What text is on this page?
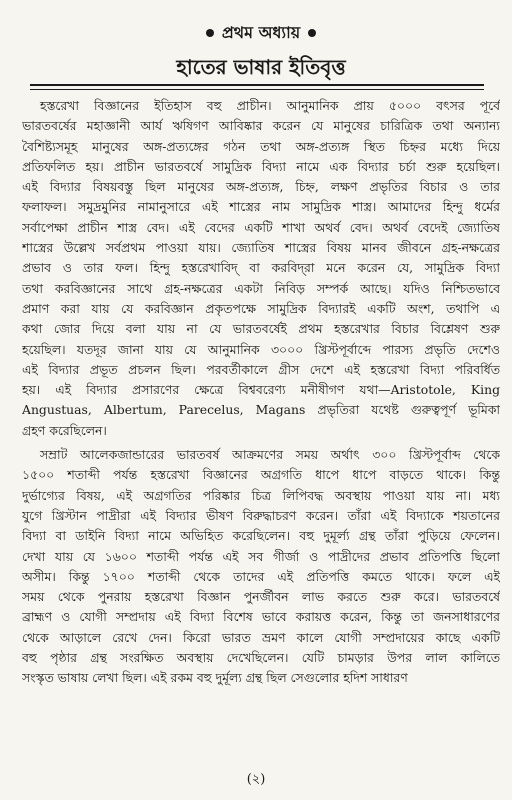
প্রথম অধ্যায়
হাতের ভাষার ইতিবৃত্ত
হস্তরেখা বিজ্ঞানের ইতিহাস বহু প্রাচীন। আনুমানিক প্রায় ৫০০০ বৎসর পূর্বে
ভারতবর্ষের মহাজ্ঞানী আর্য ঋষিগণ আবিষ্কার করেন যে মানুষের চারিত্রিক তথা অন্যান্য
বৈশিষ্ট্যসমূহ মানুষের অঙ্গ-প্রত্যঙ্গের গঠন তথা অঙ্গ-প্রত্যঙ্গ স্থিত চিহ্নর মধ্যে দিয়ে
প্রতিফলিত হয়। প্রাচীন ভারতবর্ষে সামুদ্রিক বিদ্যা নামে এক বিদ্যার চর্চা শুরু হয়েছিল।
এই বিদ্যার বিষয়বস্তু ছিল মানুষের অঙ্গ-প্রত্যঙ্গ, চিহ্ন, লক্ষণ প্রভৃতির বিচার ও তার
ফলাফল। সমুদ্রমুনির নামানুসারে এই শাস্ত্রের নাম সামুদ্রিক শাস্ত্র। আমাদের হিন্দু ধর্মের
সর্বাপেক্ষা প্রাচীন শাস্ত্র বেদ। এই বেদের একটি শাখা অথর্ব বেদ। অথর্ব বেদেই জ্যোতিষ
শাস্ত্রের উল্লেখ সর্বপ্রথম পাওয়া যায়। জ্যোতিষ শাস্ত্রের বিষয় মানব জীবনে গ্রহ-নক্ষত্রের
প্রভাব ও তার ফল। হিন্দু হস্তরেখাবিদ্‌ বা করবিদ্‌রা মনে করেন যে, সামুদ্রিক বিদ্যা
তথা করবিজ্ঞানের সাথে গ্রহ-নক্ষত্রের একটা নিবিড় সম্পর্ক আছে। যদিও নিশ্চিতভাবে
প্রমাণ করা যায় যে করবিজ্ঞান প্রকৃতপক্ষে সামুদ্রিক বিদ্যারই একটি অংশ, তথাপি এ
কথা জোর দিয়ে বলা যায় না যে ভারতবর্ষেই প্রথম হস্তরেখার বিচার বিশ্লেষণ শুরু
হয়েছিল। যতদূর জানা যায় যে আনুমানিক ৩০০০ খ্রিস্টপূর্বাব্দে পারস্য প্রভৃতি দেশেও
এই বিদ্যার প্রভূত প্রচলন ছিল। পরবর্তীকালে গ্রীস দেশে এই হস্তরেখা বিদ্যা পরিবর্ধিত
হয়। এই বিদ্যার প্রসারণের ক্ষেত্রে বিশ্ববরেণ্য মনীষীগণ যথা—Aristotole, King
Angustuas, Albertum, Parecelus, Magans প্রভৃতিরা যথেষ্ট গুরুত্বপূর্ণ ভূমিকা
গ্রহণ করেছিলেন।
সম্রাট আলেকজান্ডারের ভারতবর্ষ আক্রমণের সময় অর্থাৎ ৩০০ খ্রিস্টপূর্বাব্দ থেকে
১৫০০ শতাব্দী পর্যন্ত হস্তরেখা বিজ্ঞানের অগ্রগতি ধাপে ধাপে বাড়তে থাকে। কিন্তু
দুর্ভাগ্যের বিষয়, এই অগ্রগতির পরিষ্কার চিত্র লিপিবদ্ধ অবস্থায় পাওয়া যায় না। মধ্য
যুগে খ্রিস্টান পাদ্রীরা এই বিদ্যার ভীষণ বিরুদ্ধাচরণ করেন। তাঁরা এই বিদ্যাকে শয়তানের
বিদ্যা বা ডাইনি বিদ্যা নামে অভিহিত করেছিলেন। বহু দুমূর্ল্য গ্রন্থ তাঁরা পুড়িয়ে ফেলেন।
দেখা যায় যে ১৬০০ শতাব্দী পর্যন্ত এই সব গীর্জা ও পাদ্রীদের প্রভাব প্রতিপত্তি ছিলো
অসীম। কিন্তু ১৭০০ শতাব্দী থেকে তাদের এই প্রতিপত্তি কমতে থাকে। ফলে এই
সময় থেকে পুনরায় হস্তরেখা বিজ্ঞান পুনর্জীবন লাভ করতে শুরু করে। ভারতবর্ষে
ব্রাহ্মণ ও যোগী সম্প্রদায় এই বিদ্যা বিশেষ ভাবে করায়ত্ত করেন, কিন্তু তা জনসাধারণের
থেকে আড়ালে রেখে দেন। কিরো ভারত ভ্রমণ কালে যোগী সম্প্রদায়ের কাছে একটি
বহু পৃষ্ঠার গ্রন্থ সংরক্ষিত অবস্থায় দেখেছিলেন। যেটি চামড়ার উপর লাল কালিতে
সংস্কৃত ভাষায় লেখা ছিল। এই রকম বহু দুর্মূল্য গ্রন্থ ছিল সেগুলোর হদিশ সাধারণ
(২)
